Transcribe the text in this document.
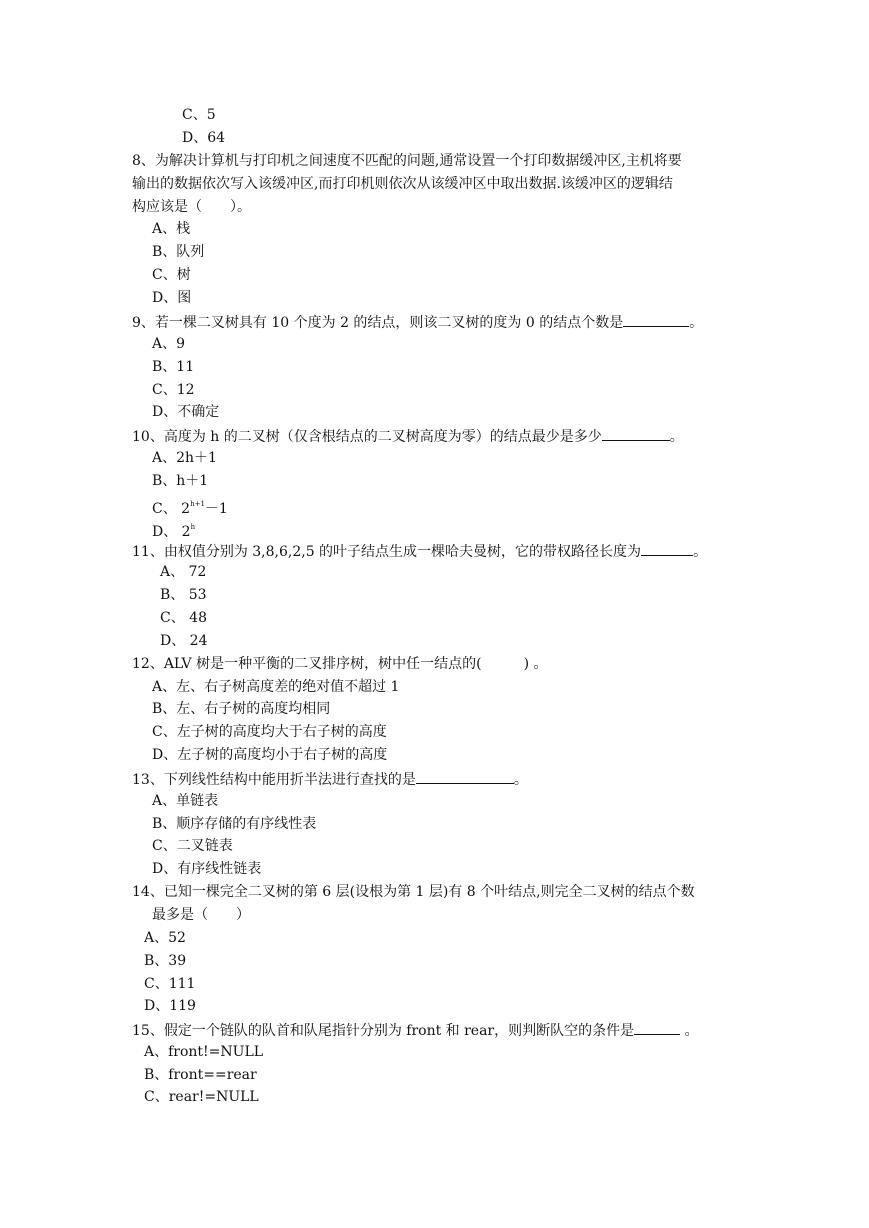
C、5
D、64
8、为解决计算机与打印机之间速度不匹配的问题,通常设置一个打印数据缓冲区,主机将要
输出的数据依次写入该缓冲区,而打印机则依次从该缓冲区中取出数据.该缓冲区的逻辑结
构应该是（　　）。
A、栈
B、队列
C、树
D、图
9、若一棵二叉树具有 10 个度为 2 的结点，则该二叉树的度为 0 的结点个数是	。
A、9
B、11
C、12
D、不确定
10、高度为 h 的二叉树（仅含根结点的二叉树高度为零）的结点最少是多少	。
A、2h＋1
B、h＋1
C、 $2^{h+1}-1$
D、 2$^h$
11、由权值分别为 3,8,6,2,5 的叶子结点生成一棵哈夫曼树，它的带权路径长度为	。
A、 72
B、 53
C、 48
D、 24
12、ALV 树是一种平衡的二叉排序树，树中任一结点的(　　　) 。
A、左、右子树高度差的绝对值不超过 1
B、左、右子树的高度均相同
C、左子树的高度均大于右子树的高度
D、左子树的高度均小于右子树的高度
13、下列线性结构中能用折半法进行查找的是	。
A、单链表
B、顺序存储的有序线性表
C、二叉链表
D、有序线性链表
14、已知一棵完全二叉树的第 6 层(设根为第 1 层)有 8 个叶结点,则完全二叉树的结点个数
最多是（　　）
A、52
B、39
C、111
D、119
15、假定一个链队的队首和队尾指针分别为 front 和 rear，则判断队空的条件是	。
A、front!=NULL
B、front==rear
C、rear!=NULL
